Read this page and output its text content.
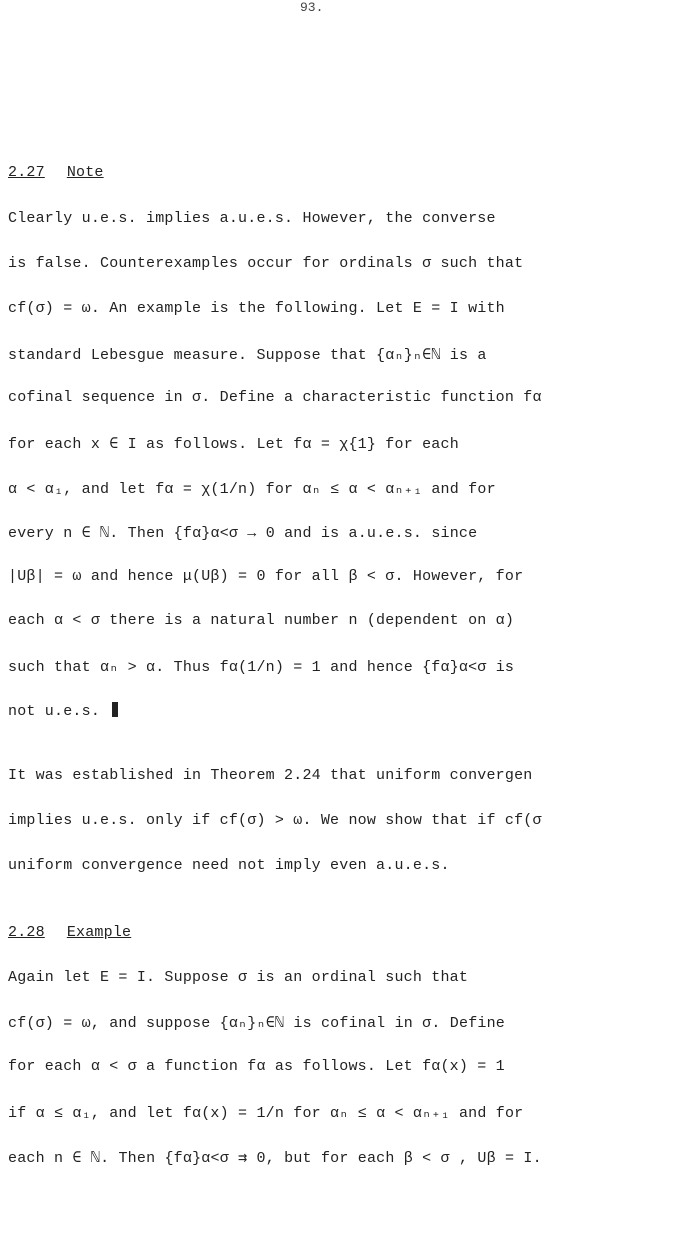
93.
2.27 Note
Clearly u.e.s. implies a.u.e.s. However, the converse
is false. Counterexamples occur for ordinals σ such that
cf(σ) = ω. An example is the following. Let E = I with
standard Lebesgue measure. Suppose that {αₙ}ₙ∈ℕ is a
cofinal sequence in σ. Define a characteristic function fα
for each x ∈ I as follows. Let fα = χ{1} for each
α < α₁, and let fα = χ(1/n) for αₙ ≤ α < αₙ₊₁ and for
every n ∈ ℕ. Then {fα}α<σ → 0 and is a.u.e.s. since
|Uβ| = ω and hence μ(Uβ) = 0 for all β < σ. However, for
each α < σ there is a natural number n (dependent on α)
such that αₙ > α. Thus fα(1/n) = 1 and hence {fα}α<σ is
not u.e.s.
It was established in Theorem 2.24 that uniform convergen
implies u.e.s. only if cf(σ) > ω. We now show that if cf(σ
uniform convergence need not imply even a.u.e.s.
2.28 Example
Again let E = I. Suppose σ is an ordinal such that
cf(σ) = ω, and suppose {αₙ}ₙ∈ℕ is cofinal in σ. Define
for each α < σ a function fα as follows. Let fα(x) = 1
if α ≤ α₁, and let fα(x) = 1/n for αₙ ≤ α < αₙ₊₁ and for
each n ∈ ℕ. Then {fα}α<σ ⇉ 0, but for each β < σ , Uβ = I.
